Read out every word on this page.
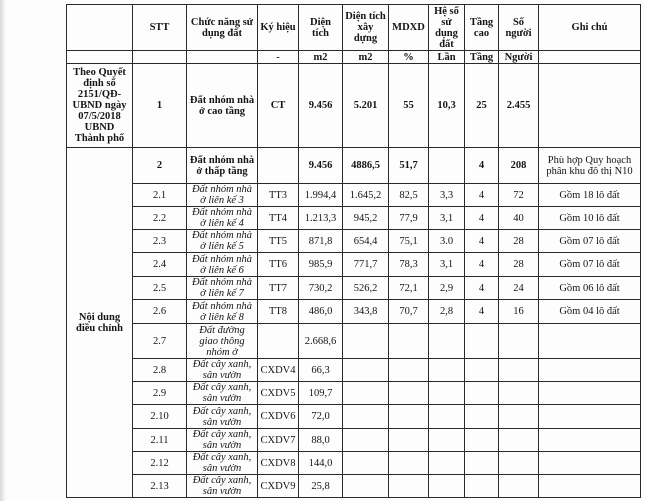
	STT	Chức năng sử dụng đất	Ký hiệu	Diện tích	Diện tích xây dựng	MDXD	Hệ số sử dụng đất	Tầng cao	Số người	Ghi chú
			-	m2	m2	%	Lần	Tầng	Người	
Theo Quyết định số 2151/QĐ-UBND ngày 07/5/2018 UBND Thành phố	1	Đất nhóm nhà ở cao tầng	CT	9.456	5.201	55	10,3	25	2.455	
Nội dung điều chỉnh	2	Đất nhóm nhà ở thấp tầng		9.456	4886,5	51,7		4	208	Phù hợp Quy hoạch phân khu đô thị N10
	2.1	Đất nhóm nhà ở liên kế 3	TT3	1.994,4	1.645,2	82,5	3,3	4	72	Gồm 18 lô đất
	2.2	Đất nhóm nhà ở liên kế 4	TT4	1.213,3	945,2	77,9	3,1	4	40	Gồm 10 lô đất
	2.3	Đất nhóm nhà ở liên kế 5	TT5	871,8	654,4	75,1	3.0	4	28	Gồm 07 lô đất
	2.4	Đất nhóm nhà ở liên kế 6	TT6	985,9	771,7	78,3	3,1	4	28	Gồm 07 lô đất
	2.5	Đất nhóm nhà ở liên kế 7	TT7	730,2	526,2	72,1	2,9	4	24	Gồm 06 lô đất
	2.6	Đất nhóm nhà ở liên kế 8	TT8	486,0	343,8	70,7	2,8	4	16	Gồm 04 lô đất
	2.7	Đất đường giao thông nhóm ở		2.668,6						
	2.8	Đất cây xanh, sân vườn	CXDV4	66,3						
	2.9	Đất cây xanh, sân vườn	CXDV5	109,7						
	2.10	Đất cây xanh, sân vườn	CXDV6	72,0						
	2.11	Đất cây xanh, sân vườn	CXDV7	88,0						
	2.12	Đất cây xanh, sân vườn	CXDV8	144,0						
	2.13	Đất cây xanh, sân vườn	CXDV9	25,8						
